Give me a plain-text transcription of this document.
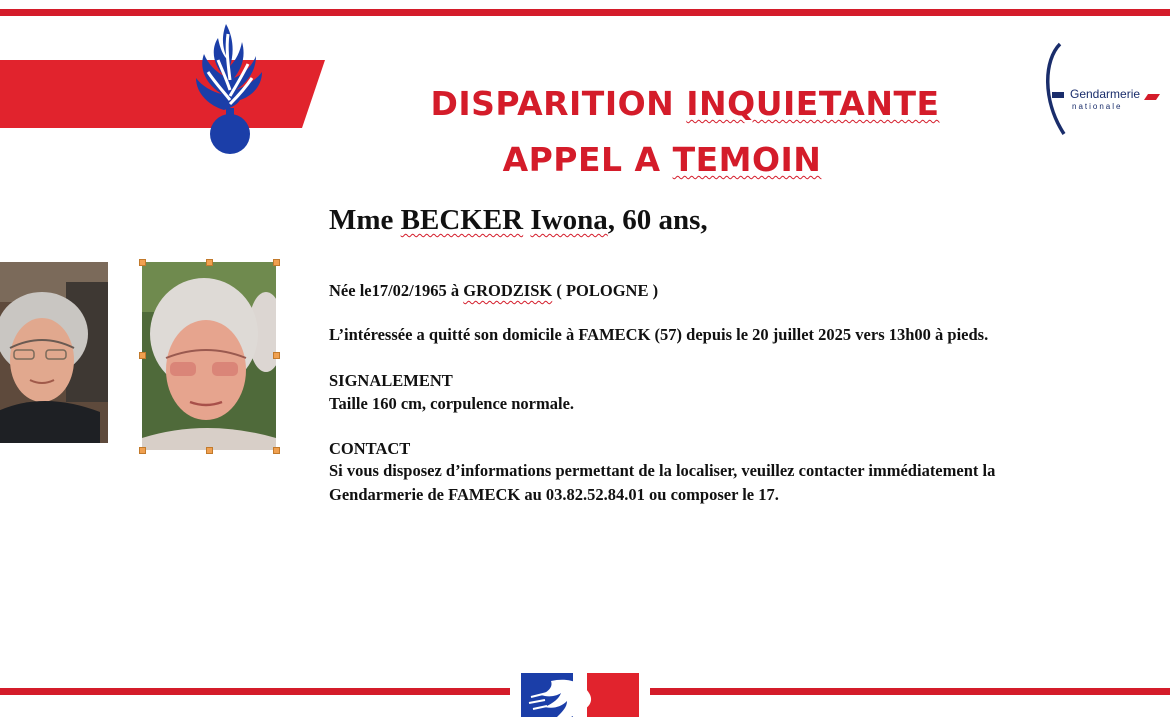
Gendarmerie
nationale
DISPARITION INQUIETANTE
APPEL A TEMOIN
Mme BECKER Iwona, 60 ans,
Née le17/02/1965 à GRODZISK ( POLOGNE )
L’intéressée a quitté son domicile à FAMECK (57) depuis le 20 juillet 2025 vers 13h00 à pieds.
SIGNALEMENT
Taille 160 cm, corpulence normale.
CONTACT
Si vous disposez d’informations permettant de la localiser, veuillez contacter immédiatement la
Gendarmerie de FAMECK au 03.82.52.84.01 ou composer le 17.
